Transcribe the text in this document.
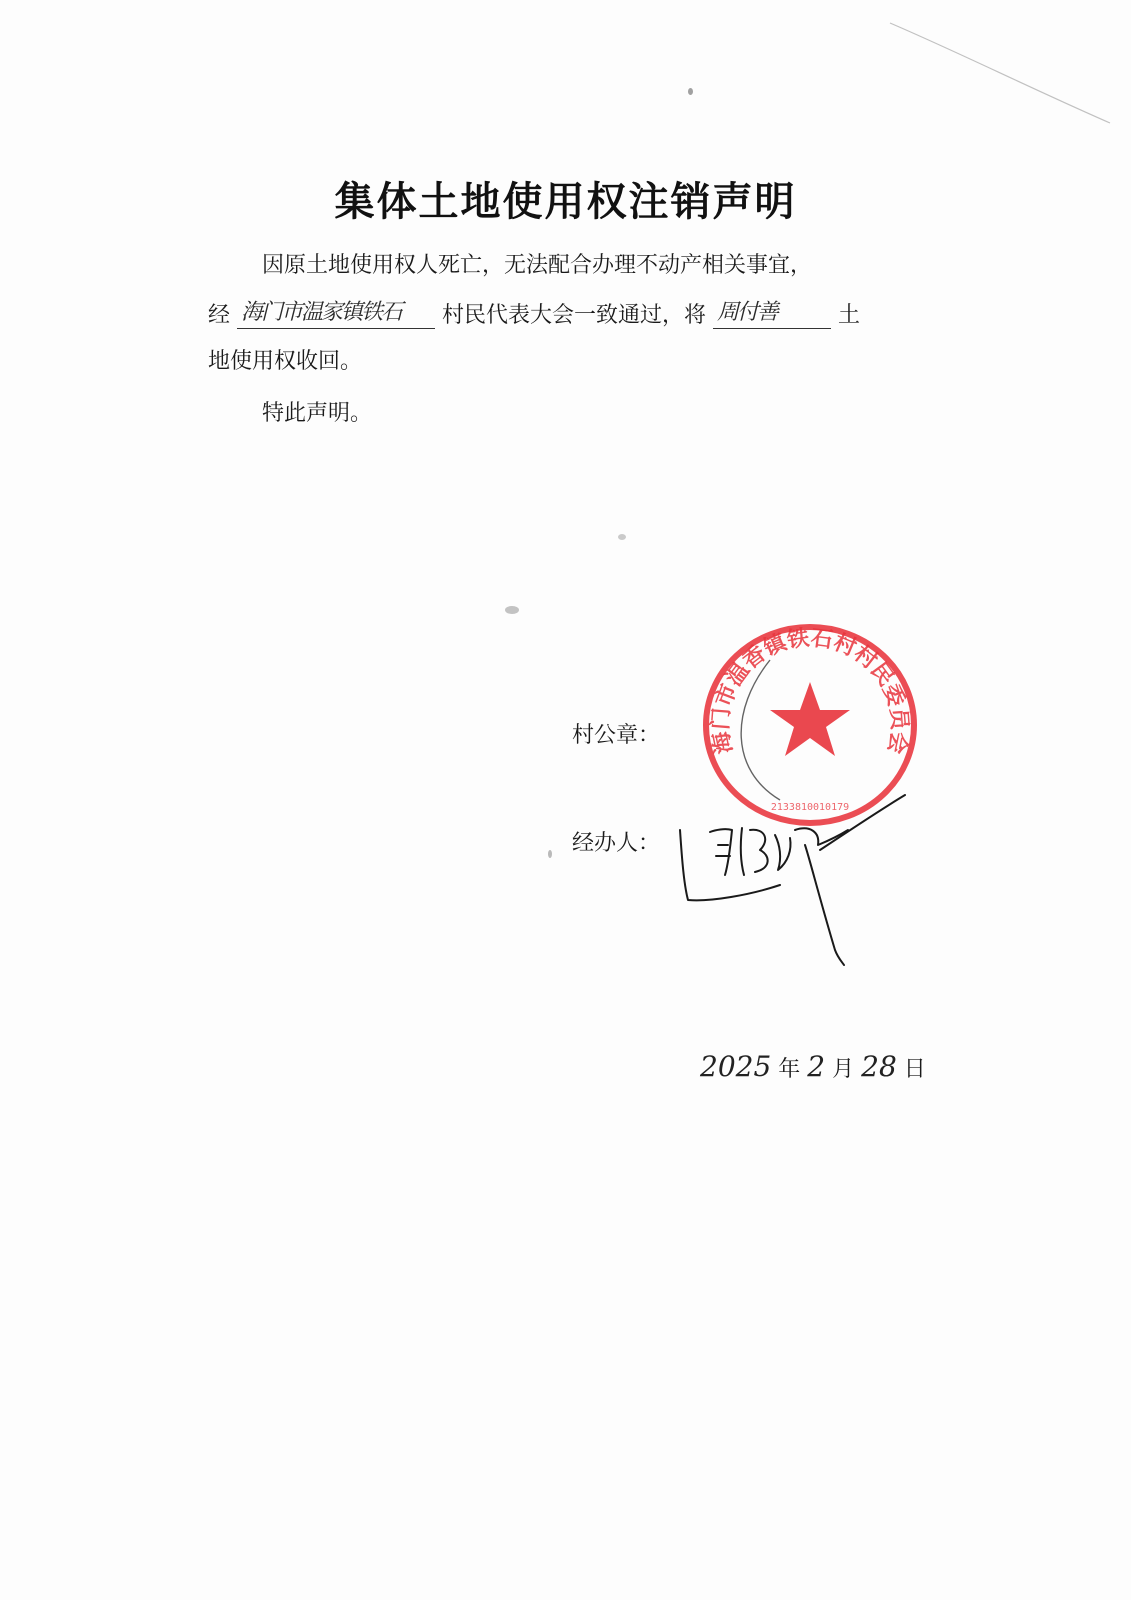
集体土地使用权注销声明
因原土地使用权人死亡，无法配合办理不动产相关事宜，
经 海门市温家镇铁石 村民代表大会一致通过，将 周付善	土
地使用权收回。
特此声明。
村公章： 海门市温香镇铁石村村民委员会
2133810010179
经办人：
2025 年 2 月 28 日
